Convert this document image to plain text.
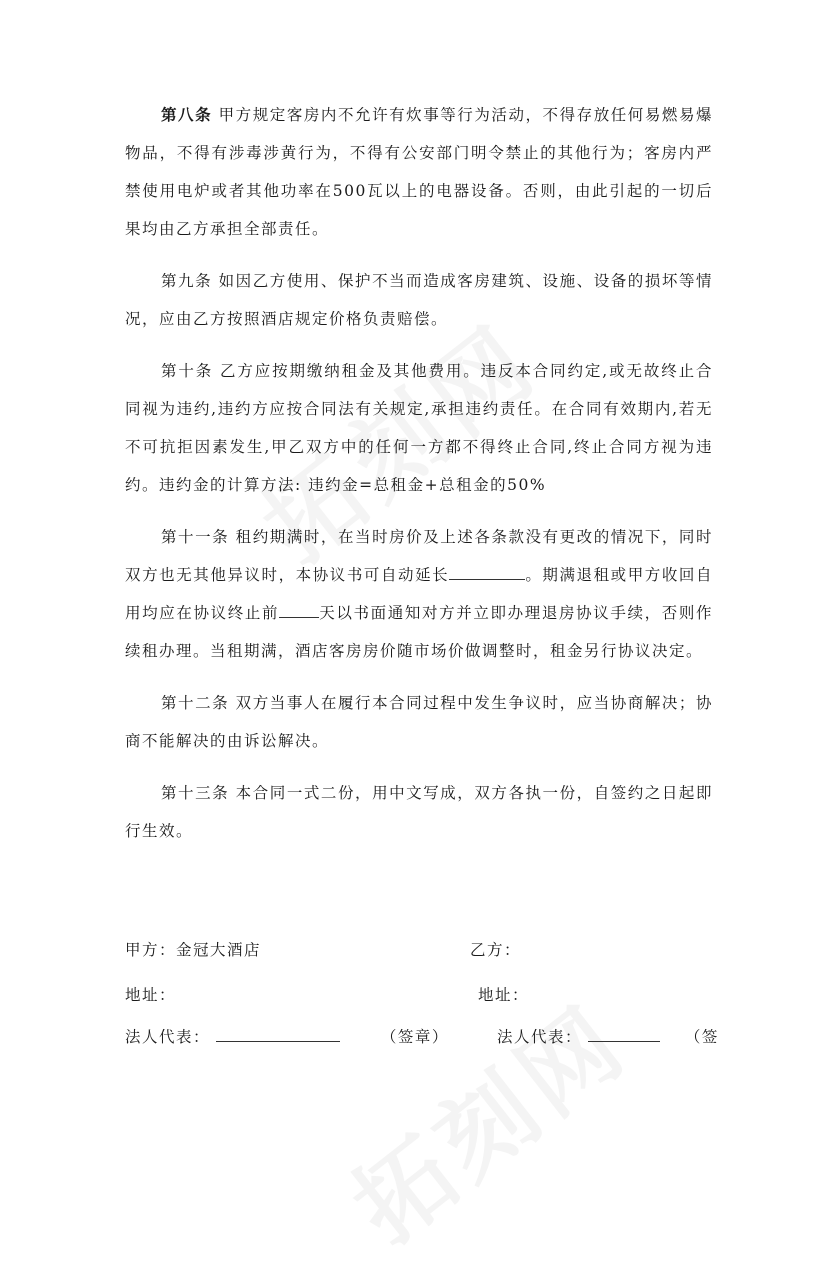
第八条 甲方规定客房内不允许有炊事等行为活动，不得存放任何易燃易爆物品，不得有涉毒涉黄行为，不得有公安部门明令禁止的其他行为；客房内严禁使用电炉或者其他功率在500瓦以上的电器设备。否则，由此引起的一切后果均由乙方承担全部责任。

第九条 如因乙方使用、保护不当而造成客房建筑、设施、设备的损坏等情况，应由乙方按照酒店规定价格负责赔偿。

第十条 乙方应按期缴纳租金及其他费用。违反本合同约定,或无故终止合同视为违约,违约方应按合同法有关规定,承担违约责任。在合同有效期内,若无不可抗拒因素发生,甲乙双方中的任何一方都不得终止合同,终止合同方视为违约。违约金的计算方法: 违约金=总租金+总租金的50%

第十一条 租约期满时，在当时房价及上述各条款没有更改的情况下，同时双方也无其他异议时，本协议书可自动延长	。期满退租或甲方收回自用均应在协议终止前	天以书面通知对方并立即办理退房协议手续，否则作续租办理。当租期满，酒店客房房价随市场价做调整时，租金另行协议决定。

第十二条 双方当事人在履行本合同过程中发生争议时，应当协商解决；协商不能解决的由诉讼解决。

第十三条 本合同一式二份，用中文写成，双方各执一份，自签约之日起即行生效。

甲方：金冠大酒店	乙方：
地址：	地址：
法人代表：	（签章）	法人代表：	（签
